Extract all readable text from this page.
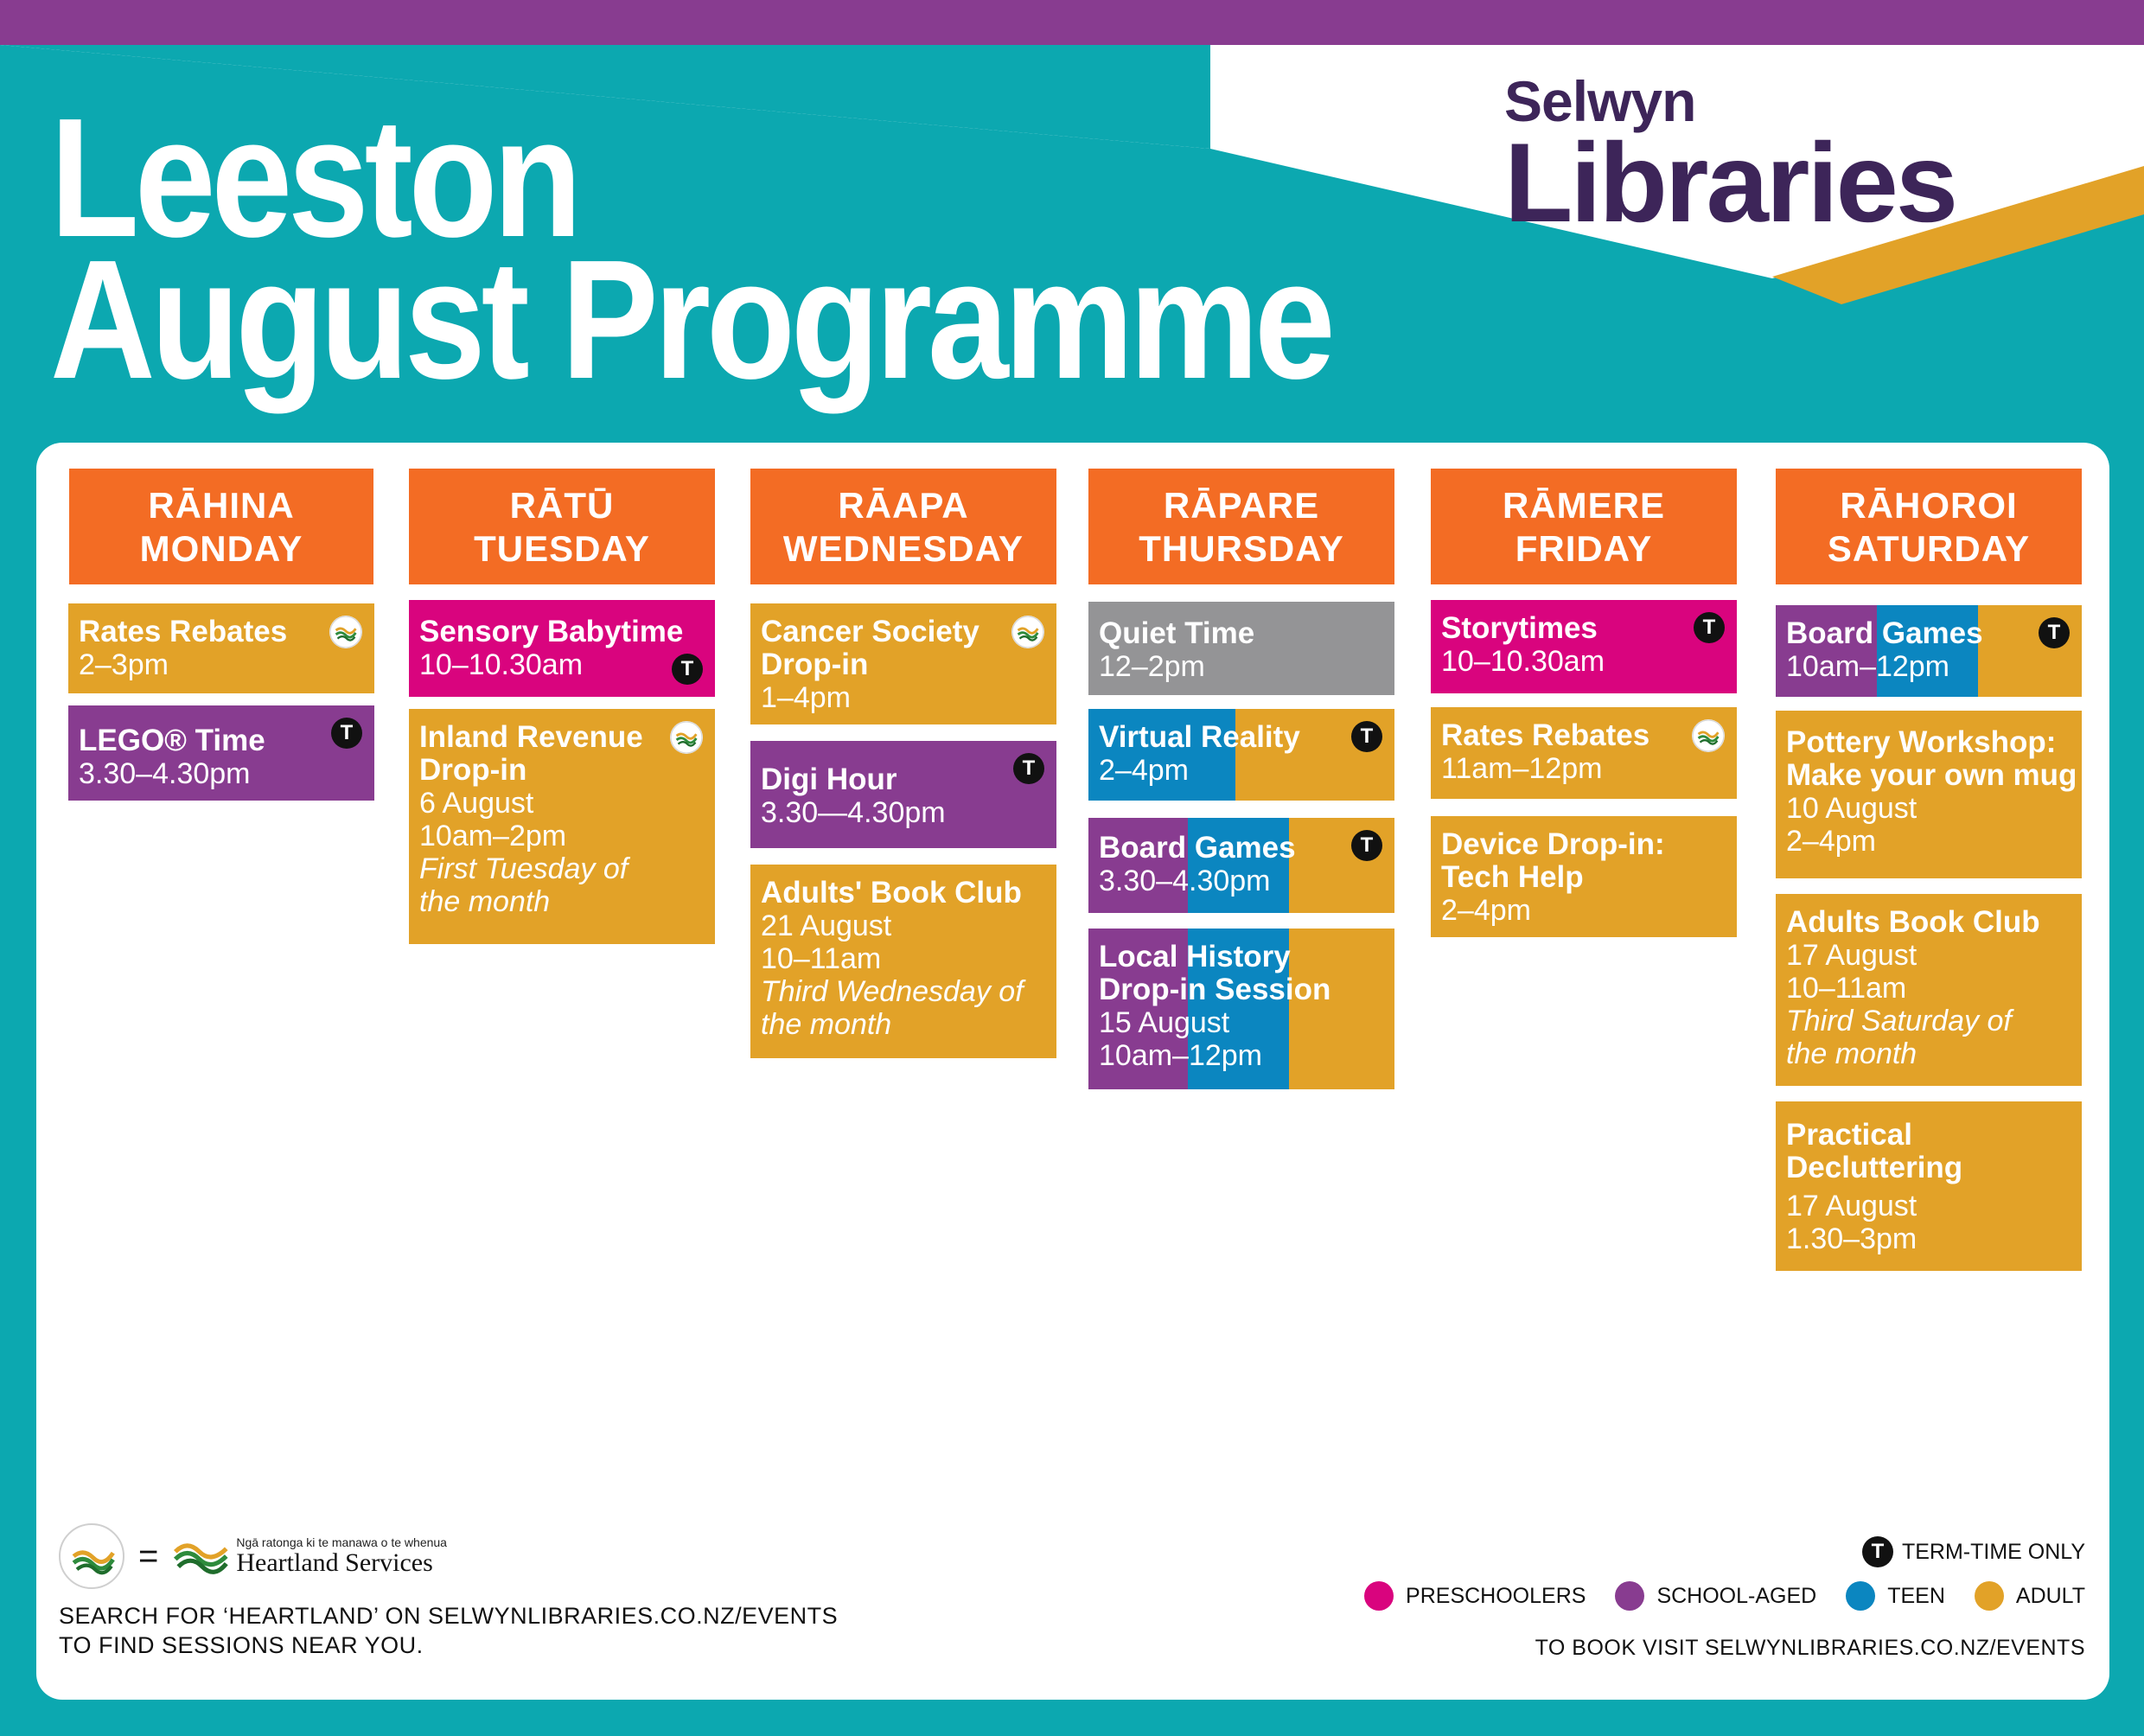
Leeston
August Programme
Selwyn
Libraries
RĀHINA
MONDAY
Rates Rebates
2–3pm
LEGO® Time
3.30–4.30pm
T
RĀTŪ
TUESDAY
Sensory Babytime
10–10.30am	T
Inland Revenue Drop-in
6 August
10am–2pm
First Tuesday of the month
RĀAPA
WEDNESDAY
Cancer Society Drop-in
1–4pm
Digi Hour
3.30—4.30pm
T
Adults' Book Club
21 August
10–11am
Third Wednesday of the month
RĀPARE
THURSDAY
Quiet Time
12–2pm
Virtual Reality
2–4pm
T
Board Games
3.30–4.30pm
T
Local History Drop-in Session
15 August
10am–12pm
RĀMERE
FRIDAY
Storytimes
10–10.30am
T
Rates Rebates
11am–12pm
Device Drop-in: Tech Help
2–4pm
RĀHOROI
SATURDAY
Board Games
10am–12pm
T
Pottery Workshop: Make your own mug
10 August
2–4pm
Adults Book Club
17 August
10–11am
Third Saturday of the month
Practical Decluttering
17 August
1.30–3pm
=	Ngā ratonga ki te manawa o te whenua
Heartland Services
SEARCH FOR ‘HEARTLAND’ ON SELWYNLIBRARIES.CO.NZ/EVENTS
TO FIND SESSIONS NEAR YOU.
T TERM-TIME ONLY
PRESCHOOLERS	SCHOOL-AGED	TEEN	ADULT
TO BOOK VISIT SELWYNLIBRARIES.CO.NZ/EVENTS
